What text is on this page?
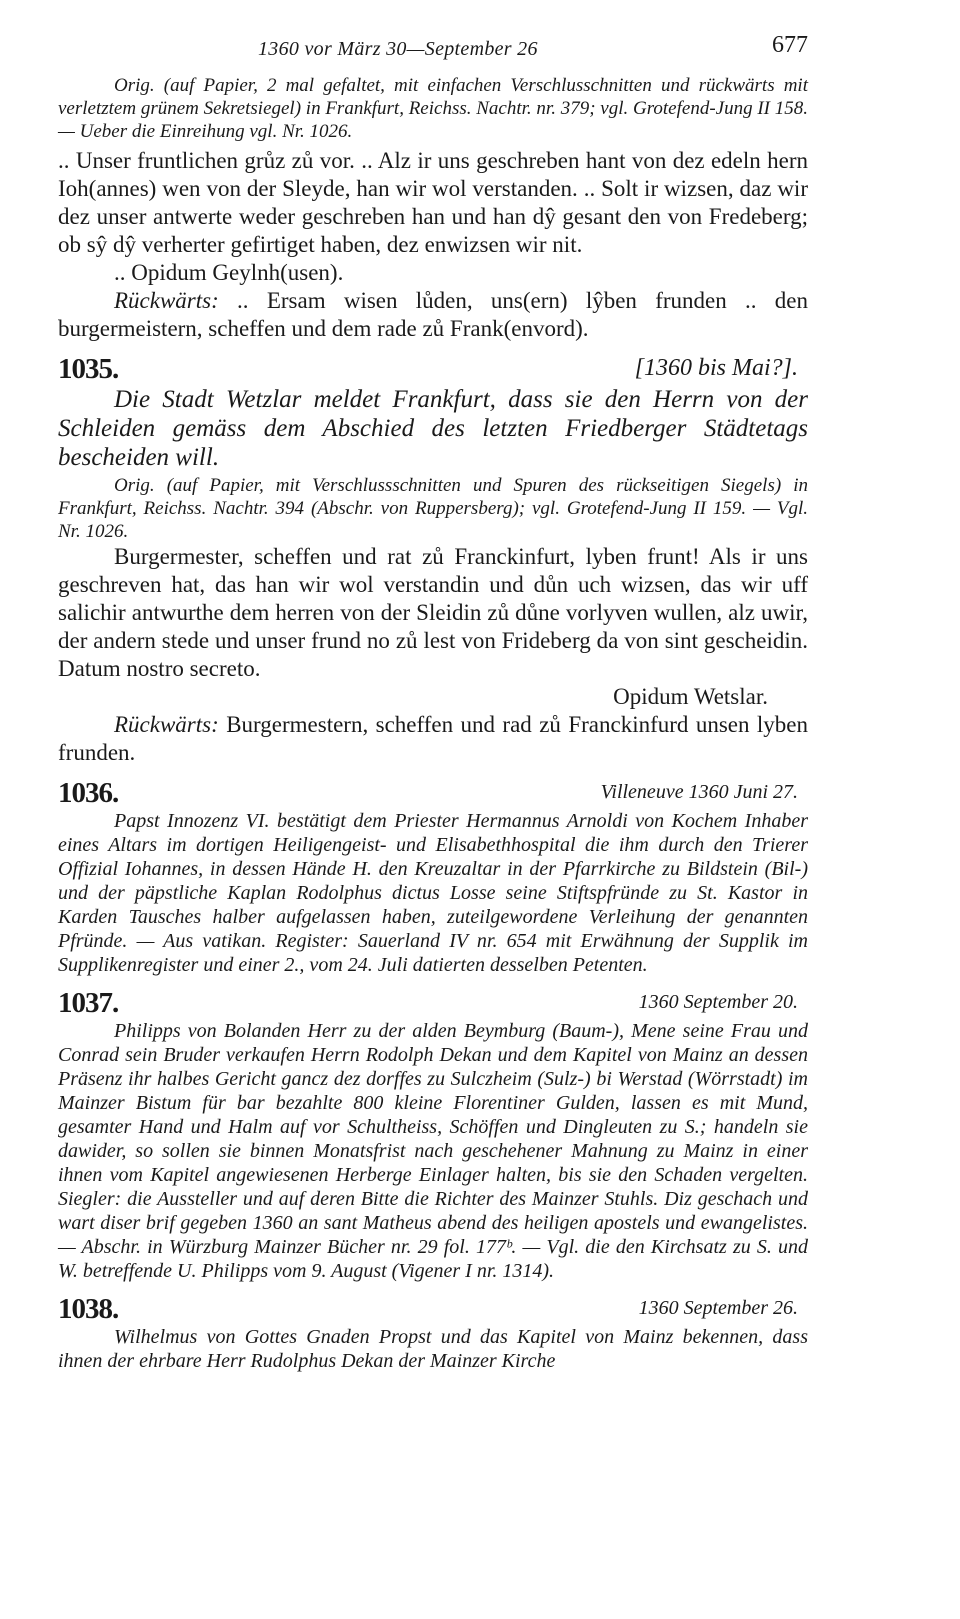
1360 vor März 30—September 26	677

Orig. (auf Papier, 2 mal gefaltet, mit einfachen Verschlusschnitten und rückwärts mit verletztem grünem Sekretsiegel) in Frankfurt, Reichss. Nachtr. nr. 379; vgl. Grotefend-Jung II 158. — Ueber die Einreihung vgl. Nr. 1026.

.. Unser fruntlichen grůz zů vor. .. Alz ir uns geschreben hant von dez edeln hern Ioh(annes) wen von der Sleyde, han wir wol verstanden. .. Solt ir wizsen, daz wir dez unser antwerte weder geschreben han und han dŷ gesant den von Fredeberg; ob sŷ dŷ verherter gefirtiget haben, dez enwizsen wir nit.

.. Opidum Geylnh(usen).

Rückwärts: .. Ersam wisen lůden, uns(ern) lŷben frunden .. den burgermeistern, scheffen und dem rade zů Frank(envord).

1035.	[1360 bis Mai?].

Die Stadt Wetzlar meldet Frankfurt, dass sie den Herrn von der Schleiden gemäss dem Abschied des letzten Friedberger Städtetags bescheiden will.

Orig. (auf Papier, mit Verschlussschnitten und Spuren des rückseitigen Siegels) in Frankfurt, Reichss. Nachtr. 394 (Abschr. von Ruppersberg); vgl. Grotefend-Jung II 159. — Vgl. Nr. 1026.

Burgermester, scheffen und rat zů Franckinfurt, lyben frunt! Als ir uns geschreven hat, das han wir wol verstandin und důn uch wizsen, das wir uff salichir antwurthe dem herren von der Sleidin zů důne vorlyven wullen, alz uwir, der andern stede und unser frund no zů lest von Frideberg da von sint gescheidin. Datum nostro secreto.

Opidum Wetslar.

Rückwärts: Burgermestern, scheffen und rad zů Franckinfurd unsen lyben frunden.

1036.	Villeneuve 1360 Juni 27.

Papst Innozenz VI. bestätigt dem Priester Hermannus Arnoldi von Kochem Inhaber eines Altars im dortigen Heiligengeist- und Elisabethhospital die ihm durch den Trierer Offizial Iohannes, in dessen Hände H. den Kreuzaltar in der Pfarrkirche zu Bildstein (Bil-) und der päpstliche Kaplan Rodolphus dictus Losse seine Stiftspfründe zu St. Kastor in Karden Tausches halber aufgelassen haben, zuteilgewordene Verleihung der genannten Pfründe. — Aus vatikan. Register: Sauerland IV nr. 654 mit Erwähnung der Supplik im Supplikenregister und einer 2., vom 24. Juli datierten desselben Petenten.

1037.	1360 September 20.

Philipps von Bolanden Herr zu der alden Beymburg (Baum-), Mene seine Frau und Conrad sein Bruder verkaufen Herrn Rodolph Dekan und dem Kapitel von Mainz an dessen Präsenz ihr halbes Gericht gancz dez dorffes zu Sulczheim (Sulz-) bi Werstad (Wörrstadt) im Mainzer Bistum für bar bezahlte 800 kleine Florentiner Gulden, lassen es mit Mund, gesamter Hand und Halm auf vor Schultheiss, Schöffen und Dingleuten zu S.; handeln sie dawider, so sollen sie binnen Monatsfrist nach geschehener Mahnung zu Mainz in einer ihnen vom Kapitel angewiesenen Herberge Einlager halten, bis sie den Schaden vergelten. Siegler: die Aussteller und auf deren Bitte die Richter des Mainzer Stuhls. Diz geschach und wart diser brif gegeben 1360 an sant Matheus abend des heiligen apostels und ewangelistes. — Abschr. in Würzburg Mainzer Bücher nr. 29 fol. 177ᵇ. — Vgl. die den Kirchsatz zu S. und W. betreffende U. Philipps vom 9. August (Vigener I nr. 1314).

1038.	1360 September 26.

Wilhelmus von Gottes Gnaden Propst und das Kapitel von Mainz bekennen, dass ihnen der ehrbare Herr Rudolphus Dekan der Mainzer Kirche
